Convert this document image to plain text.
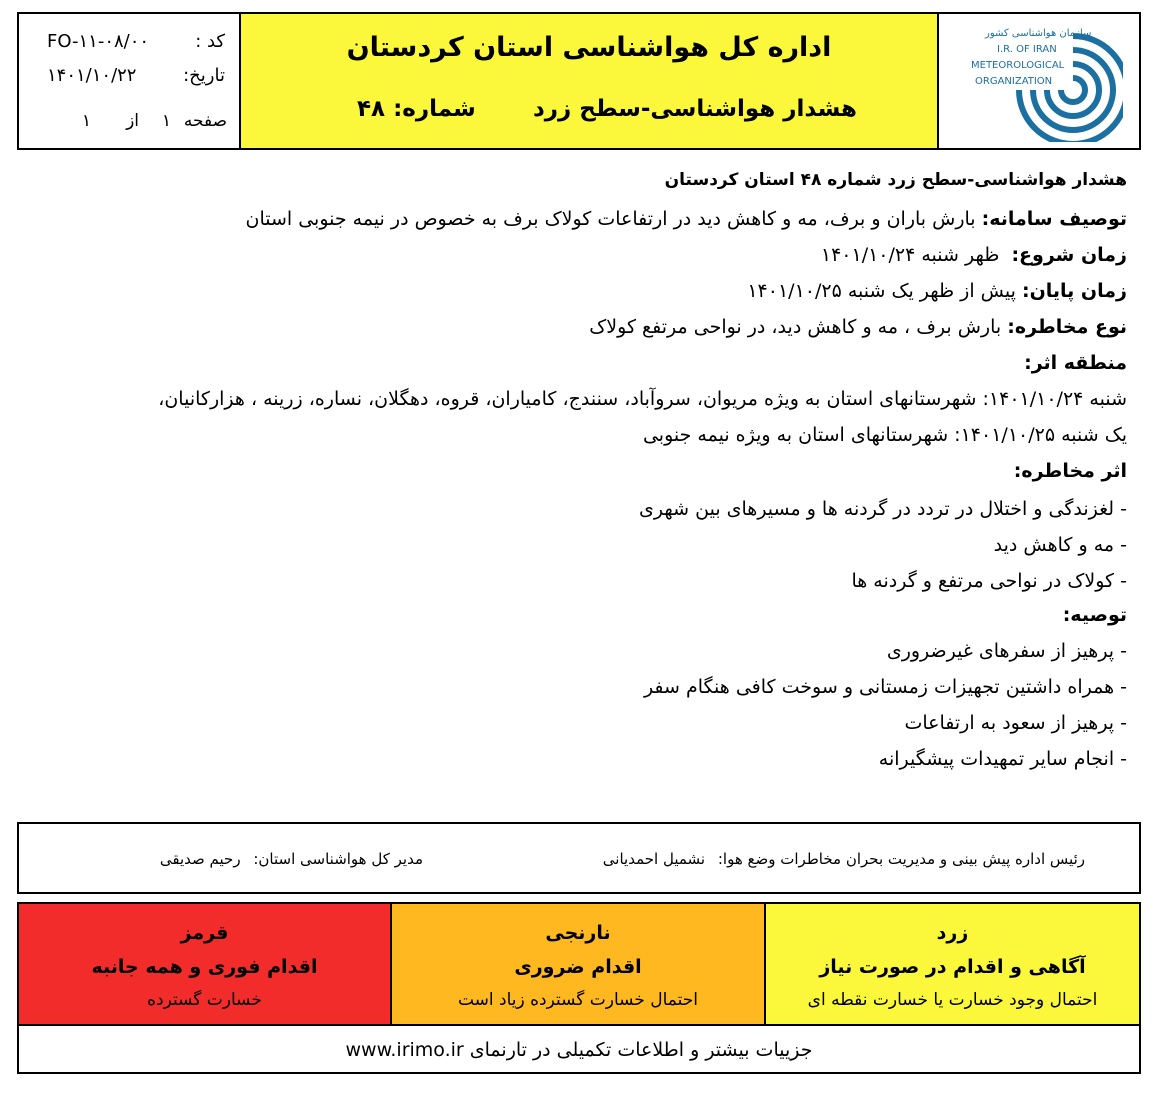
کد :
FO-۱۱-۰۸/۰۰
تاریخ:
۱۴۰۱/۱۰/۲۲
صفحه
۱
از
۱
اداره کل هواشناسی استان کردستان
هشدار هواشناسی-سطح زرد
شماره: ۴۸
سازمان هواشناسی کشور
I.R. OF IRAN
METEOROLOGICAL
ORGANIZATION
هشدار هواشناسی-سطح زرد شماره ۴۸ استان کردستان
توصیف سامانه: بارش باران و برف، مه و کاهش دید در ارتفاعات کولاک برف به خصوص در نیمه جنوبی استان
زمان شروع:  ظهر شنبه ۱۴۰۱/۱۰/۲۴
زمان پایان: پیش از ظهر یک شنبه ۱۴۰۱/۱۰/۲۵
نوع مخاطره: بارش برف ، مه و کاهش دید، در نواحی مرتفع کولاک
منطقه اثر:
شنبه ۱۴۰۱/۱۰/۲۴: شهرستانهای استان به ویژه مریوان، سروآباد، سنندج، کامیاران، قروه، دهگلان، نساره، زرینه ، هزارکانیان،
یک شنبه ۱۴۰۱/۱۰/۲۵: شهرستانهای استان به ویژه نیمه جنوبی
اثر مخاطره:
- لغزندگی و اختلال در تردد در گردنه ها و مسیرهای بین شهری
- مه و کاهش دید
- کولاک در نواحی مرتفع و گردنه ها
توصیه:
- پرهیز از سفرهای غیرضروری
- همراه داشتین تجهیزات زمستانی و سوخت کافی هنگام سفر
- پرهیز از سعود به ارتفاعات
- انجام سایر تمهیدات پیشگیرانه
رئیس اداره پیش بینی و مدیریت بحران مخاطرات وضع هوا: نشمیل احمدیانی
مدیر کل هواشناسی استان: رحیم صدیقی
قرمز
اقدام فوری و همه جانبه
خسارت گسترده
نارنجی
اقدام ضروری
احتمال خسارت گسترده زیاد است
زرد
آگاهی و اقدام در صورت نیاز
احتمال وجود خسارت یا خسارت نقطه ای
جزییات بیشتر و اطلاعات تکمیلی در تارنمای www.irimo.ir
